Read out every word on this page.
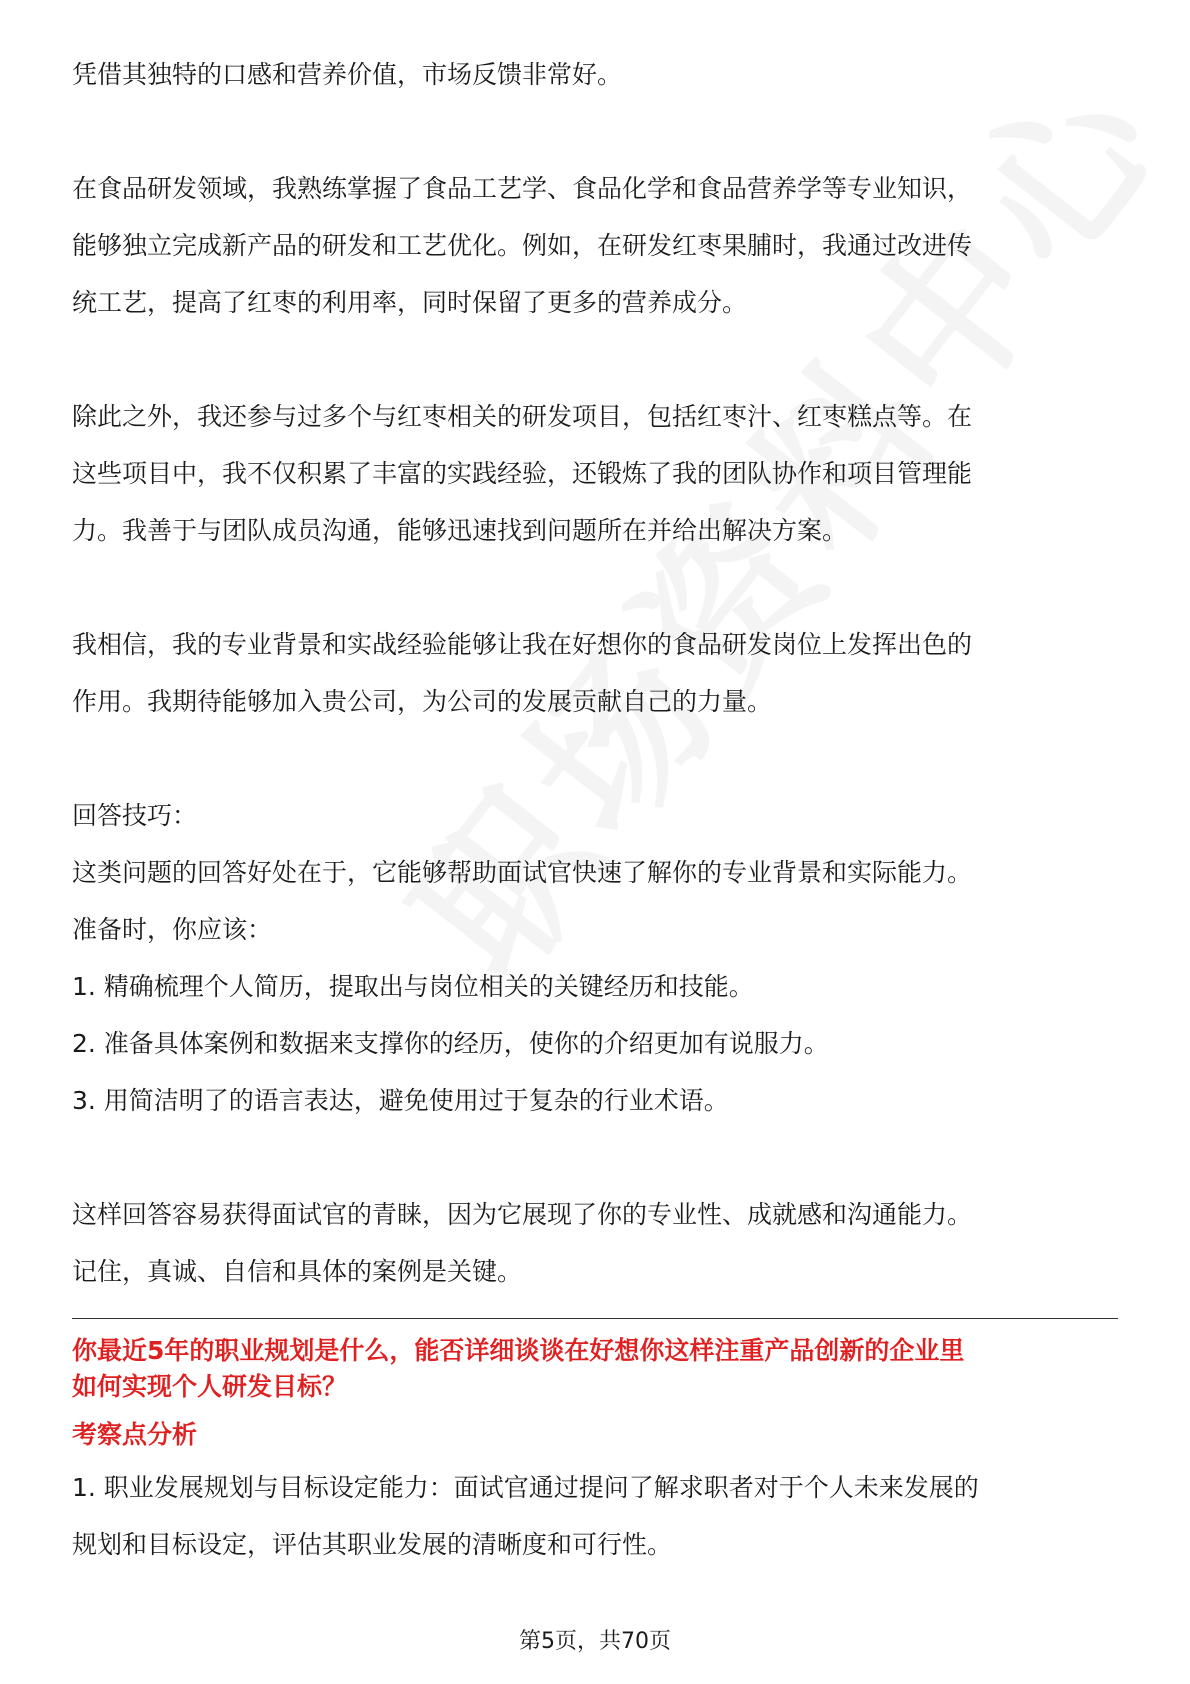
凭借其独特的口感和营养价值，市场反馈非常好。

在食品研发领域，我熟练掌握了食品工艺学、食品化学和食品营养学等专业知识，

能够独立完成新产品的研发和工艺优化。例如，在研发红枣果脯时，我通过改进传

统工艺，提高了红枣的利用率，同时保留了更多的营养成分。

除此之外，我还参与过多个与红枣相关的研发项目，包括红枣汁、红枣糕点等。在

这些项目中，我不仅积累了丰富的实践经验，还锻炼了我的团队协作和项目管理能

力。我善于与团队成员沟通，能够迅速找到问题所在并给出解决方案。

我相信，我的专业背景和实战经验能够让我在好想你的食品研发岗位上发挥出色的

作用。我期待能够加入贵公司，为公司的发展贡献自己的力量。

回答技巧：

这类问题的回答好处在于，它能够帮助面试官快速了解你的专业背景和实际能力。

准备时，你应该：

1. 精确梳理个人简历，提取出与岗位相关的关键经历和技能。

2. 准备具体案例和数据来支撑你的经历，使你的介绍更加有说服力。

3. 用简洁明了的语言表达，避免使用过于复杂的行业术语。

这样回答容易获得面试官的青睐，因为它展现了你的专业性、成就感和沟通能力。

记住，真诚、自信和具体的案例是关键。

你最近5年的职业规划是什么，能否详细谈谈在好想你这样注重产品创新的企业里

如何实现个人研发目标？

考察点分析

1. 职业发展规划与目标设定能力：面试官通过提问了解求职者对于个人未来发展的

规划和目标设定，评估其职业发展的清晰度和可行性。

第5页，共70页
